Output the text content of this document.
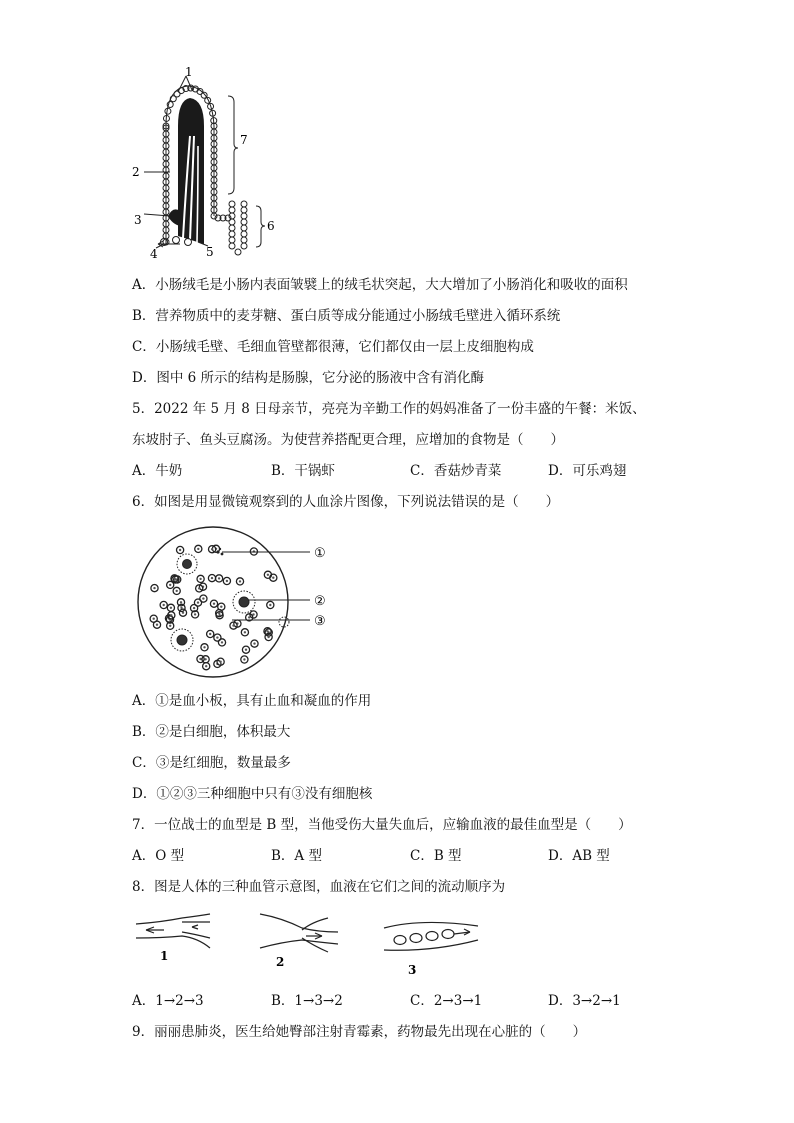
1
2
3
4	5
6
7
A．小肠绒毛是小肠内表面皱襞上的绒毛状突起，大大增加了小肠消化和吸收的面积
B．营养物质中的麦芽糖、蛋白质等成分能通过小肠绒毛壁进入循环系统
C．小肠绒毛壁、毛细血管壁都很薄，它们都仅由一层上皮细胞构成
D．图中 6 所示的结构是肠腺，它分泌的肠液中含有消化酶
5．2022 年 5 月 8 日母亲节，亮亮为辛勤工作的妈妈准备了一份丰盛的午餐：米饭、
东坡肘子、鱼头豆腐汤。为使营养搭配更合理，应增加的食物是（　　）
A．牛奶	B．干锅虾	C．香菇炒青菜	D．可乐鸡翅
6．如图是用显微镜观察到的人血涂片图像，下列说法错误的是（　　）
①
②
③
A．①是血小板，具有止血和凝血的作用
B．②是白细胞，体积最大
C．③是红细胞，数量最多
D．①②③三种细胞中只有③没有细胞核
7．一位战士的血型是 B 型，当他受伤大量失血后，应输血液的最佳血型是（　　）
A．O 型	B．A 型	C．B 型	D．AB 型
8．图是人体的三种血管示意图，血液在它们之间的流动顺序为
1	2
3
A．1→2→3	B．1→3→2	C．2→3→1	D．3→2→1
9．丽丽患肺炎，医生给她臀部注射青霉素，药物最先出现在心脏的（　　）
